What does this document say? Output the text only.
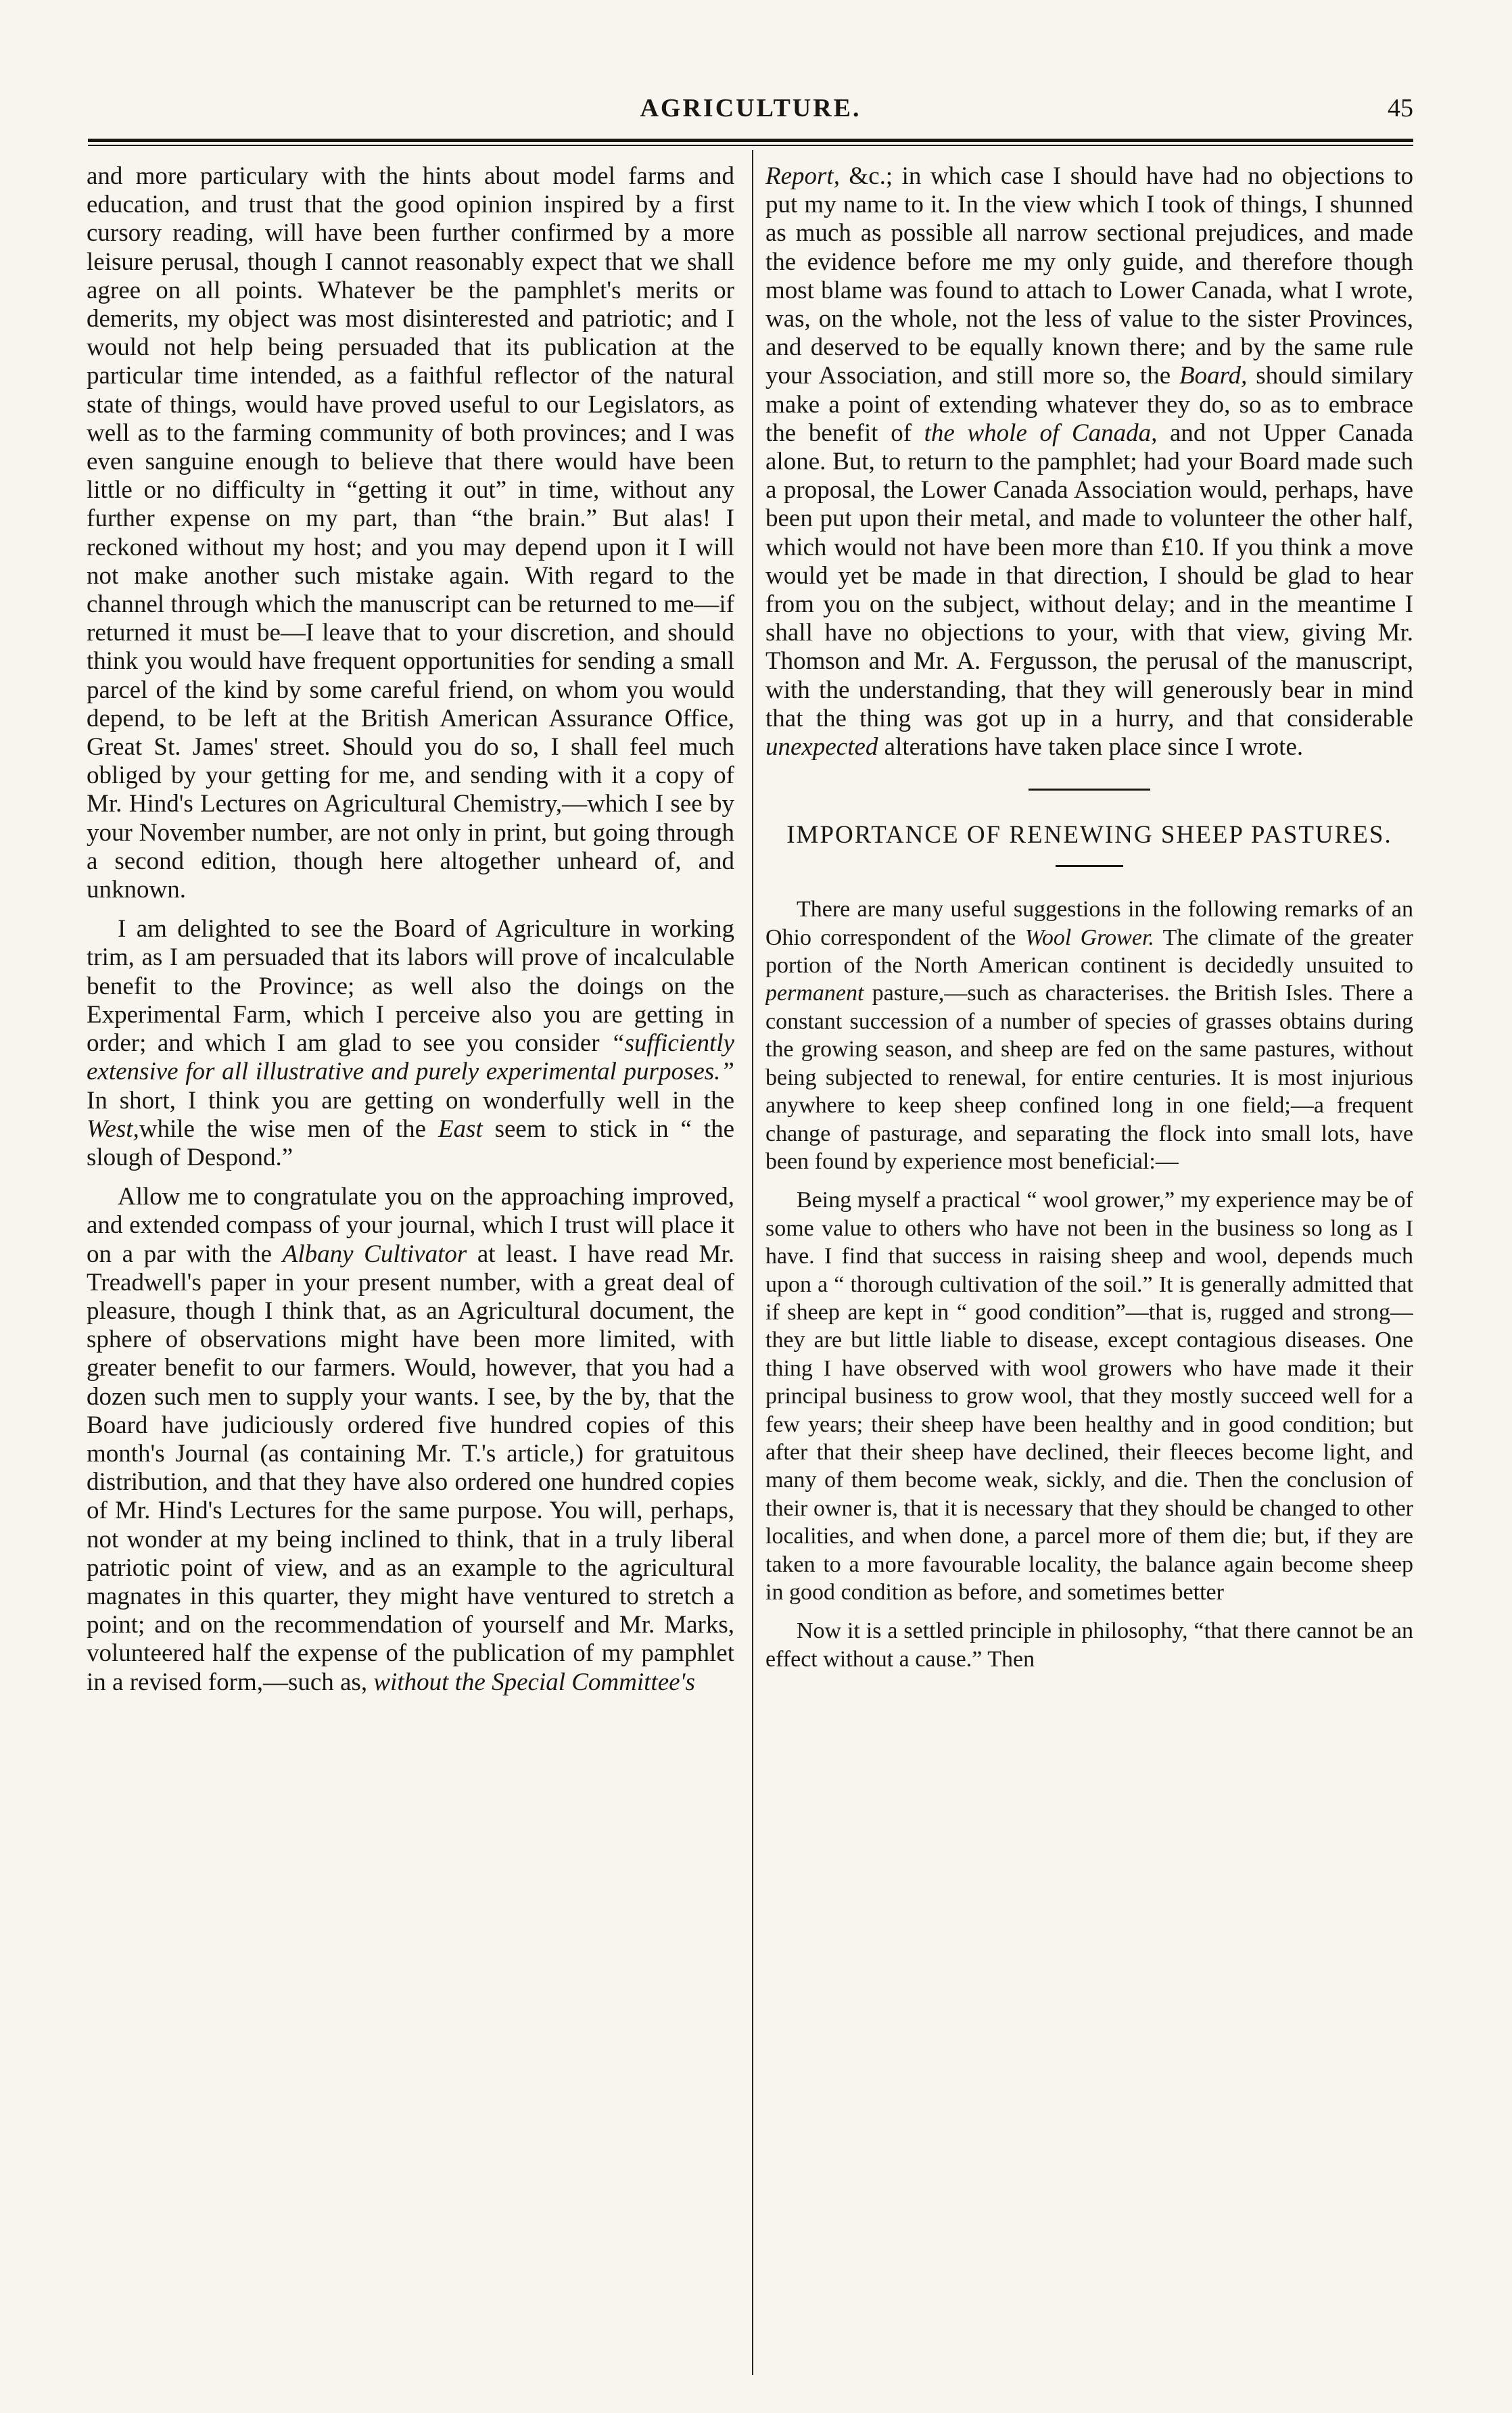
AGRICULTURE.	45

and more particulary with the hints about model farms and education, and trust that the good opinion inspired by a first cursory reading, will have been further confirmed by a more leisure perusal, though I cannot reasonably expect that we shall agree on all points. Whatever be the pamphlet's merits or demerits, my object was most disinterested and patriotic; and I would not help being persuaded that its publication at the particular time intended, as a faithful reflector of the natural state of things, would have proved useful to our Legislators, as well as to the farming community of both provinces; and I was even sanguine enough to believe that there would have been little or no difficulty in “getting it out” in time, without any further expense on my part, than “the brain.” But alas! I reckoned without my host; and you may depend upon it I will not make another such mistake again. With regard to the channel through which the manuscript can be returned to me—if returned it must be—I leave that to your discretion, and should think you would have frequent opportunities for sending a small parcel of the kind by some careful friend, on whom you would depend, to be left at the British American Assurance Office, Great St. James' street. Should you do so, I shall feel much obliged by your getting for me, and sending with it a copy of Mr. Hind's Lectures on Agricultural Chemistry,—which I see by your November number, are not only in print, but going through a second edition, though here altogether unheard of, and unknown.

I am delighted to see the Board of Agriculture in working trim, as I am persuaded that its labors will prove of incalculable benefit to the Province; as well also the doings on the Experimental Farm, which I perceive also you are getting in order; and which I am glad to see you consider “sufficiently extensive for all illustrative and purely experimental purposes.” In short, I think you are getting on wonderfully well in the West,while the wise men of the East seem to stick in “ the slough of Despond.”

Allow me to congratulate you on the approaching improved, and extended compass of your journal, which I trust will place it on a par with the Albany Cultivator at least. I have read Mr. Treadwell's paper in your present number, with a great deal of pleasure, though I think that, as an Agricultural document, the sphere of observations might have been more limited, with greater benefit to our farmers. Would, however, that you had a dozen such men to supply your wants. I see, by the by, that the Board have judiciously ordered five hundred copies of this month's Journal (as containing Mr. T.'s article,) for gratuitous distribution, and that they have also ordered one hundred copies of Mr. Hind's Lectures for the same purpose. You will, perhaps, not wonder at my being inclined to think, that in a truly liberal patriotic point of view, and as an example to the agricultural magnates in this quarter, they might have ventured to stretch a point; and on the recommendation of yourself and Mr. Marks, volunteered half the expense of the publication of my pamphlet in a revised form,—such as, without the Special Committee's

Report, &c.; in which case I should have had no objections to put my name to it. In the view which I took of things, I shunned as much as possible all narrow sectional prejudices, and made the evidence before me my only guide, and therefore though most blame was found to attach to Lower Canada, what I wrote, was, on the whole, not the less of value to the sister Provinces, and deserved to be equally known there; and by the same rule your Association, and still more so, the Board, should similary make a point of extending whatever they do, so as to embrace the benefit of the whole of Canada, and not Upper Canada alone. But, to return to the pamphlet; had your Board made such a proposal, the Lower Canada Association would, perhaps, have been put upon their metal, and made to volunteer the other half, which would not have been more than £10. If you think a move would yet be made in that direction, I should be glad to hear from you on the subject, without delay; and in the meantime I shall have no objections to your, with that view, giving Mr. Thomson and Mr. A. Fergusson, the perusal of the manuscript, with the understanding, that they will generously bear in mind that the thing was got up in a hurry, and that considerable unexpected alterations have taken place since I wrote.

IMPORTANCE OF RENEWING SHEEP PASTURES.

There are many useful suggestions in the following remarks of an Ohio correspondent of the Wool Grower. The climate of the greater portion of the North American continent is decidedly unsuited to permanent pasture,—such as characterises. the British Isles. There a constant succession of a number of species of grasses obtains during the growing season, and sheep are fed on the same pastures, without being subjected to renewal, for entire centuries. It is most injurious anywhere to keep sheep confined long in one field;—a frequent change of pasturage, and separating the flock into small lots, have been found by experience most beneficial:—

Being myself a practical “ wool grower,” my experience may be of some value to others who have not been in the business so long as I have. I find that success in raising sheep and wool, depends much upon a “ thorough cultivation of the soil.” It is generally admitted that if sheep are kept in “ good condition”—that is, rugged and strong—they are but little liable to disease, except contagious diseases. One thing I have observed with wool growers who have made it their principal business to grow wool, that they mostly succeed well for a few years; their sheep have been healthy and in good condition; but after that their sheep have declined, their fleeces become light, and many of them become weak, sickly, and die. Then the conclusion of their owner is, that it is necessary that they should be changed to other localities, and when done, a parcel more of them die; but, if they are taken to a more favourable locality, the balance again become sheep in good condition as before, and sometimes better

Now it is a settled principle in philosophy, “that there cannot be an effect without a cause.” Then
